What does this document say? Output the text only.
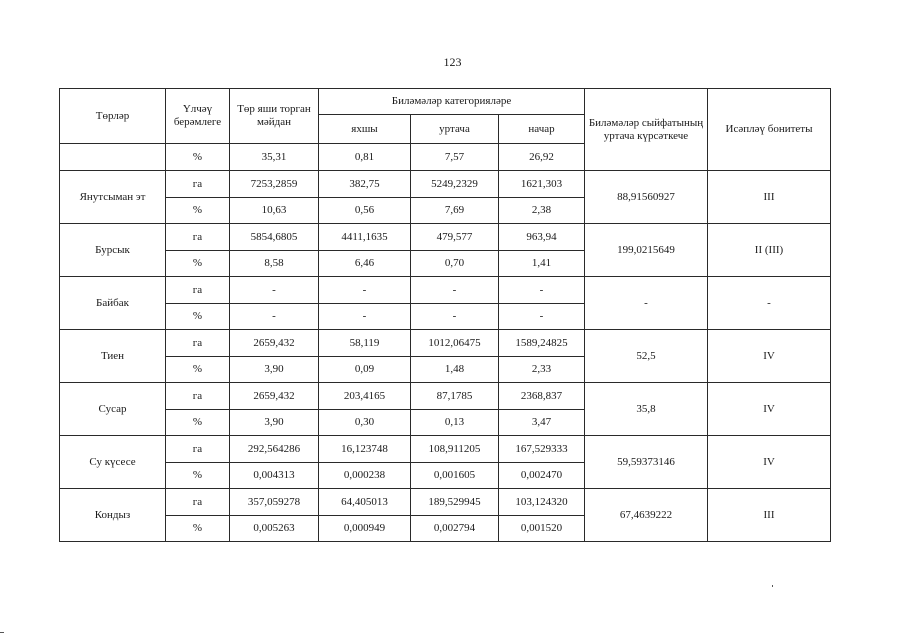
123
Төрләр	Үлчәү берәмлеге	Төр яши торган мәйдан	Биләмәләр категорияләре			Биләмәләр сыйфатының уртача күрсәткече	Исәпләү бонитеты
			яхшы	уртача	начар		
	%	35,31	0,81	7,57	26,92		
Янутсыман эт	га	7253,2859	382,75	5249,2329	1621,303	88,91560927	III
	%	10,63	0,56	7,69	2,38		
Бурсык	га	5854,6805	4411,1635	479,577	963,94	199,0215649	II (III)
	%	8,58	6,46	0,70	1,41		
Байбак	га	-	-	-	-	-	-
	%	-	-	-	-		
Тиен	га	2659,432	58,119	1012,06475	1589,24825	52,5	IV
	%	3,90	0,09	1,48	2,33		
Сусар	га	2659,432	203,4165	87,1785	2368,837	35,8	IV
	%	3,90	0,30	0,13	3,47		
Су күсесе	га	292,564286	16,123748	108,911205	167,529333	59,59373146	IV
	%	0,004313	0,000238	0,001605	0,002470		
Кондыз	га	357,059278	64,405013	189,529945	103,124320	67,4639222	III
	%	0,005263	0,000949	0,002794	0,001520		
